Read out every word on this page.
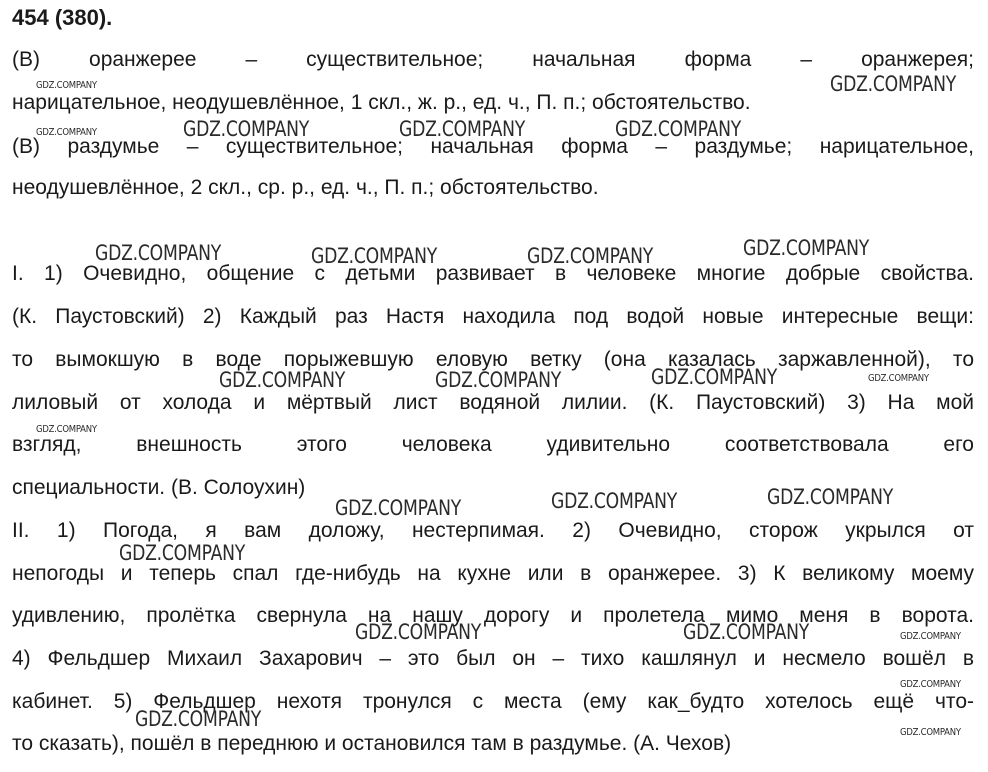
454 (380).
(В) оранжерее – существительное; начальная форма – оранжерея;
нарицательное, неодушевлённое, 1 скл., ж. р., ед. ч., П. п.; обстоятельство.
(В) раздумье – существительное; начальная форма – раздумье; нарицательное,
неодушевлённое, 2 скл., ср. р., ед. ч., П. п.; обстоятельство.
I. 1) Очевидно, общение с детьми развивает в человеке многие добрые свойства.
(К. Паустовский) 2) Каждый раз Настя находила под водой новые интересные вещи:
то вымокшую в воде порыжевшую еловую ветку (она казалась заржавленной), то
лиловый от холода и мёртвый лист водяной лилии. (К. Паустовский) 3) На мой
взгляд, внешность этого человека удивительно соответствовала его
специальности. (В. Солоухин)
II. 1) Погода, я вам доложу, нестерпимая. 2) Очевидно, сторож укрылся от
непогоды и теперь спал где-нибудь на кухне или в оранжерее. 3) К великому моему
удивлению, пролётка свернула на нашу дорогу и пролетела мимо меня в ворота.
4) Фельдшер Михаил Захарович – это был он – тихо кашлянул и несмело вошёл в
кабинет. 5) Фельдшер нехотя тронулся с места (ему как_будто хотелось ещё что-
то сказать), пошёл в переднюю и остановился там в раздумье. (А. Чехов)
GDZ.COMPANY	GDZ.COMPANY
GDZ.COMPANY	GDZ.COMPANY	GDZ.COMPANY	GDZ.COMPANY
GDZ.COMPANY	GDZ.COMPANY	GDZ.COMPANY	GDZ.COMPANY
GDZ.COMPANY	GDZ.COMPANY	GDZ.COMPANY	GDZ.COMPANY
GDZ.COMPANY
GDZ.COMPANY	GDZ.COMPANY	GDZ.COMPANY
GDZ.COMPANY
GDZ.COMPANY	GDZ.COMPANY	GDZ.COMPANY
GDZ.COMPANY
GDZ.COMPANY
GDZ.COMPANY
